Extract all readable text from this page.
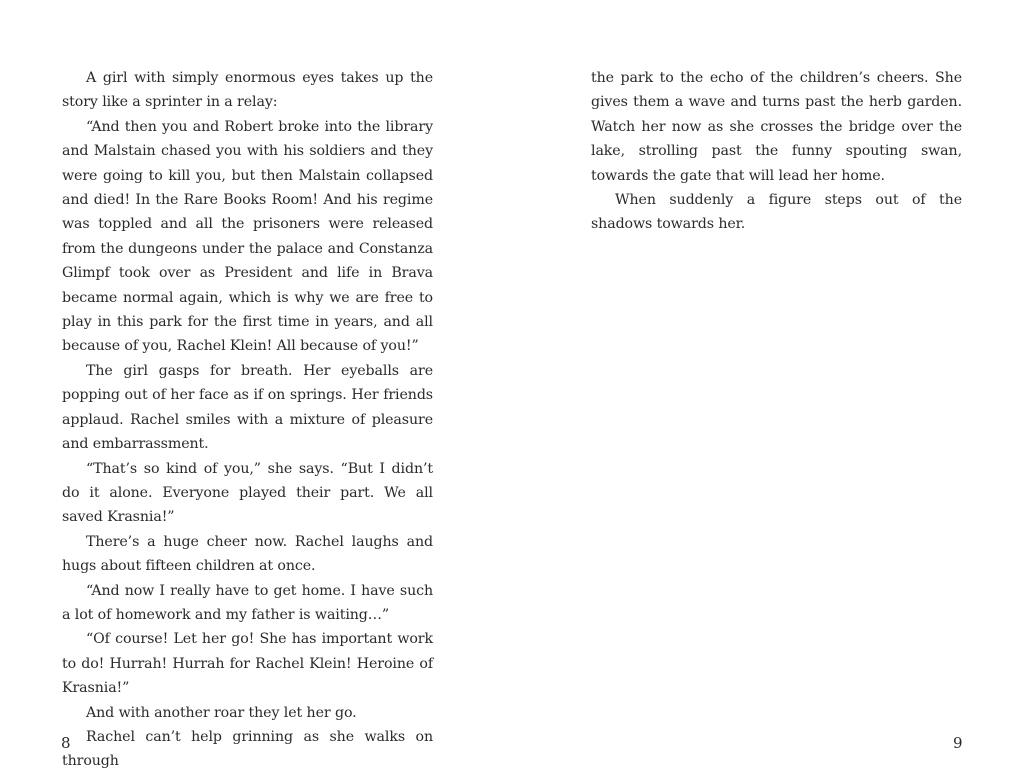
A girl with simply enormous eyes takes up the story like a sprinter in a relay:

“And then you and Robert broke into the library and Malstain chased you with his soldiers and they were going to kill you, but then Malstain collapsed and died! In the Rare Books Room! And his regime was toppled and all the prisoners were released from the dungeons under the palace and Constanza Glimpf took over as President and life in Brava became normal again, which is why we are free to play in this park for the first time in years, and all because of you, Rachel Klein! All because of you!”

The girl gasps for breath. Her eyeballs are popping out of her face as if on springs. Her friends applaud. Rachel smiles with a mixture of pleasure and embarrassment.

“That’s so kind of you,” she says. “But I didn’t do it alone. Everyone played their part. We all saved Krasnia!”

There’s a huge cheer now. Rachel laughs and hugs about fifteen children at once.

“And now I really have to get home. I have such a lot of homework and my father is waiting…”

“Of course! Let her go! She has important work to do! Hurrah! Hurrah for Rachel Klein! Heroine of Krasnia!”

And with another roar they let her go.

Rachel can’t help grinning as she walks on through

8

the park to the echo of the children’s cheers. She gives them a wave and turns past the herb garden. Watch her now as she crosses the bridge over the lake, strolling past the funny spouting swan, towards the gate that will lead her home.

When suddenly a figure steps out of the shadows towards her.

9
